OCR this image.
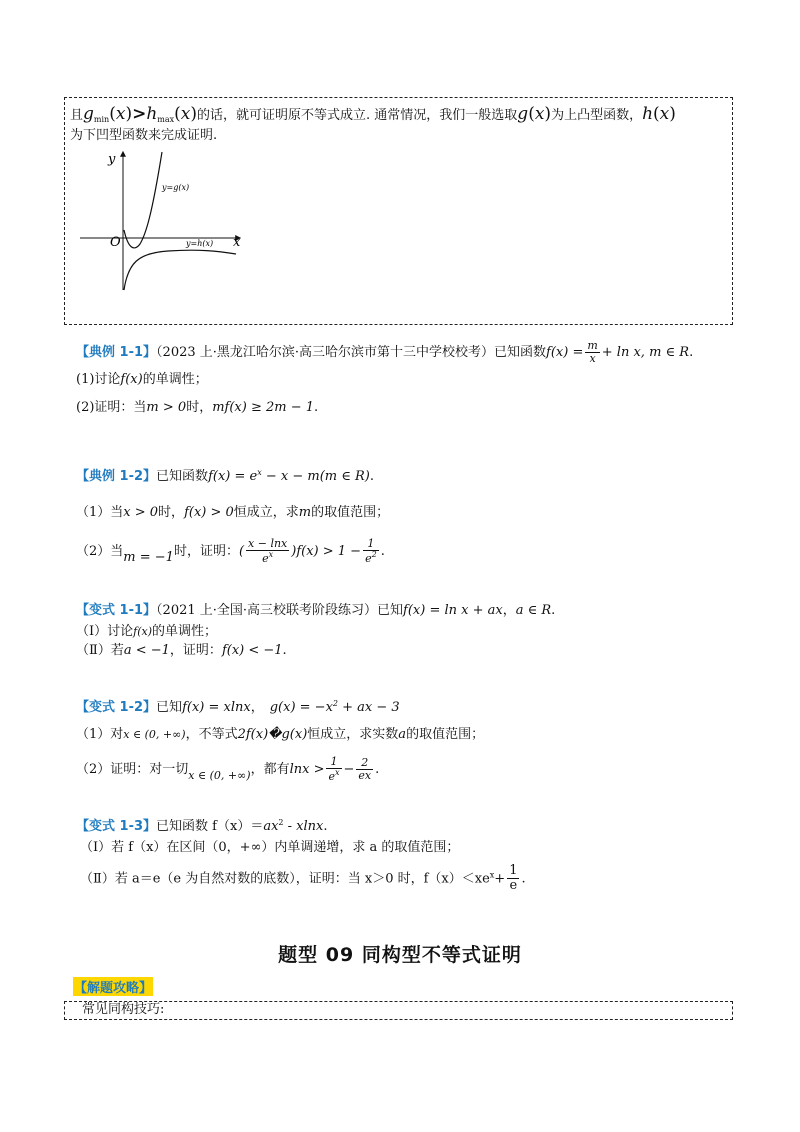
且$g_{min}(x)>h_{max}(x)$的话，就可证明原不等式成立. 通常情况，我们一般选取g(x)为上凸型函数，h(x)
为下凹型函数来完成证明.
y
x
O
y=g(x)
y=h(x)
【典例 1-1】（2023 上·黑龙江哈尔滨·高三哈尔滨市第十三中学校校考）已知函数$f(x) = \frac{m}{x} + \ln x$, m ∈ R.
(1)讨论f(x)的单调性；
(2)证明：当m > 0时，mf(x) ≥ 2m − 1.
【典例 1-2】已知函数$f(x) = e^x - x - m(m$ ∈ R).
（1）当x > 0时，f(x) > 0恒成立，求m的取值范围；
（2）当m = −1时，证明：( $\frac{x - \ln x}{e^x} )f(x) > 1 - \frac{1}{e^2}$ .
【变式 1-1】（2021 上·全国·高三校联考阶段练习）已知f(x) = ln x + ax，a ∈ R.
（Ⅰ）讨论f(x)的单调性；
（Ⅱ）若a < −1，证明：f(x) < −1.
【变式 1-2】已知f(x) = xlnx， $g(x) = -x^2$ + ax − 3
（1）对x ∈ (0, +∞)，不等式2f(x)�g(x)恒成立，求实数a的取值范围；
（2）证明：对一切$_{x \in (0, +\infty)}$，都有$\ln x > \frac{1}{e^x} - \frac{2}{ex}$ .
【变式 1-3】已知函数 $f(x)=ax^2 - xlnx$.
（Ⅰ）若 f（x）在区间（0，+∞）内单调递增，求 a 的取值范围；
（Ⅱ）若 a＝e（e 为自然对数的底数），证明：当 x＞0 时，$f(x)<xe^x+ \frac{1}{e}$ .
题型 09 同构型不等式证明
【解题攻略】
常见同构技巧:
